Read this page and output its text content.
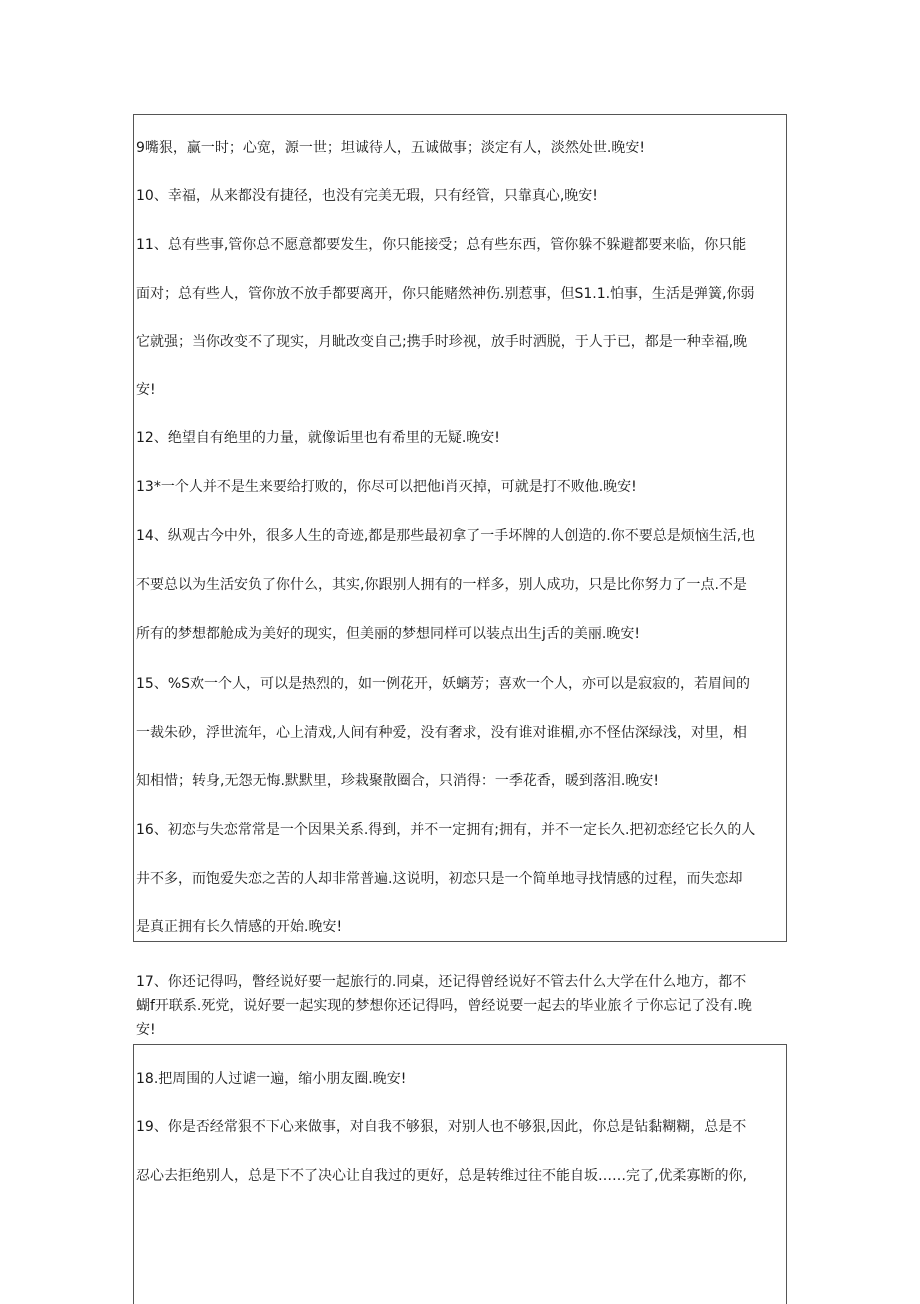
9嘴狠，赢一时；心宽，源一世；坦诚待人，五诚做事；淡定有人，淡然处世.晚安!
10、幸福，从来都没有捷径，也没有完美无瑕，只有经管，只靠真心,晚安!
11、总有些事,管你总不愿意都要发生，你只能接受；总有些东西，管你躲不躲避都要来临，你只能
面对；总有些人，管你放不放手都要离开，你只能赌然神伤.别惹事，但S1.1.怕事，生活是弹簧,你弱
它就强；当你改变不了现实，月眦改变自己;携手时珍视，放手时洒脱，于人于已，都是一种幸福,晚
安!
12、绝望自有绝里的力量，就像诟里也有希里的无疑.晚安!
13*一个人并不是生来要给打败的，你尽可以把他i肖灭掉，可就是打不败他.晚安!
14、纵观古今中外，很多人生的奇迹,都是那些最初拿了一手坏牌的人创造的.你不要总是烦恼生活,也
不要总以为生活安负了你什么，其实,你跟别人拥有的一样多，别人成功，只是比你努力了一点.不是
所有的梦想都舱成为美好的现实，但美丽的梦想同样可以装点出生j舌的美丽.晚安!
15、%S欢一个人，可以是热烈的，如一例花开，妖螭芳；喜欢一个人，亦可以是寂寂的，若眉间的
一裁朱砂，浮世流年，心上清戏,人间有种爱，没有奢求，没有谁对谁楣,亦不怪估深绿浅，对里，相
知相惜；转身,无怨无悔.默默里，珍栽聚散圈合，只消得：一季花香，暖到落泪.晚安!
16、初恋与失恋常常是一个因果关系.得到，并不一定拥有;拥有，并不一定长久.把初恋经它长久的人
井不多，而饱爱失恋之苦的人却非常普遍.这说明，初恋只是一个简单地寻找情感的过程，而失恋却
是真正拥有长久情感的开始.晚安!
17、你还记得吗，瞥经说好要一起旅行的.同桌，还记得曾经说好不管去什么大学在什么地方，都不
蝴f开联系.死党，说好要一起实现的梦想你还记得吗，曾经说要一起去的毕业旅彳亍你忘记了没有.晚
安!
18.把周围的人过谑一遍，缩小朋友圈.晚安!
19、你是否经常狠不下心来做事，对自我不够狠，对别人也不够狠,因此，你总是钻黏糊糊，总是不
忍心去拒绝别人，总是下不了决心让自我过的更好，总是转维过往不能自坂……完了,优柔寡断的你,
